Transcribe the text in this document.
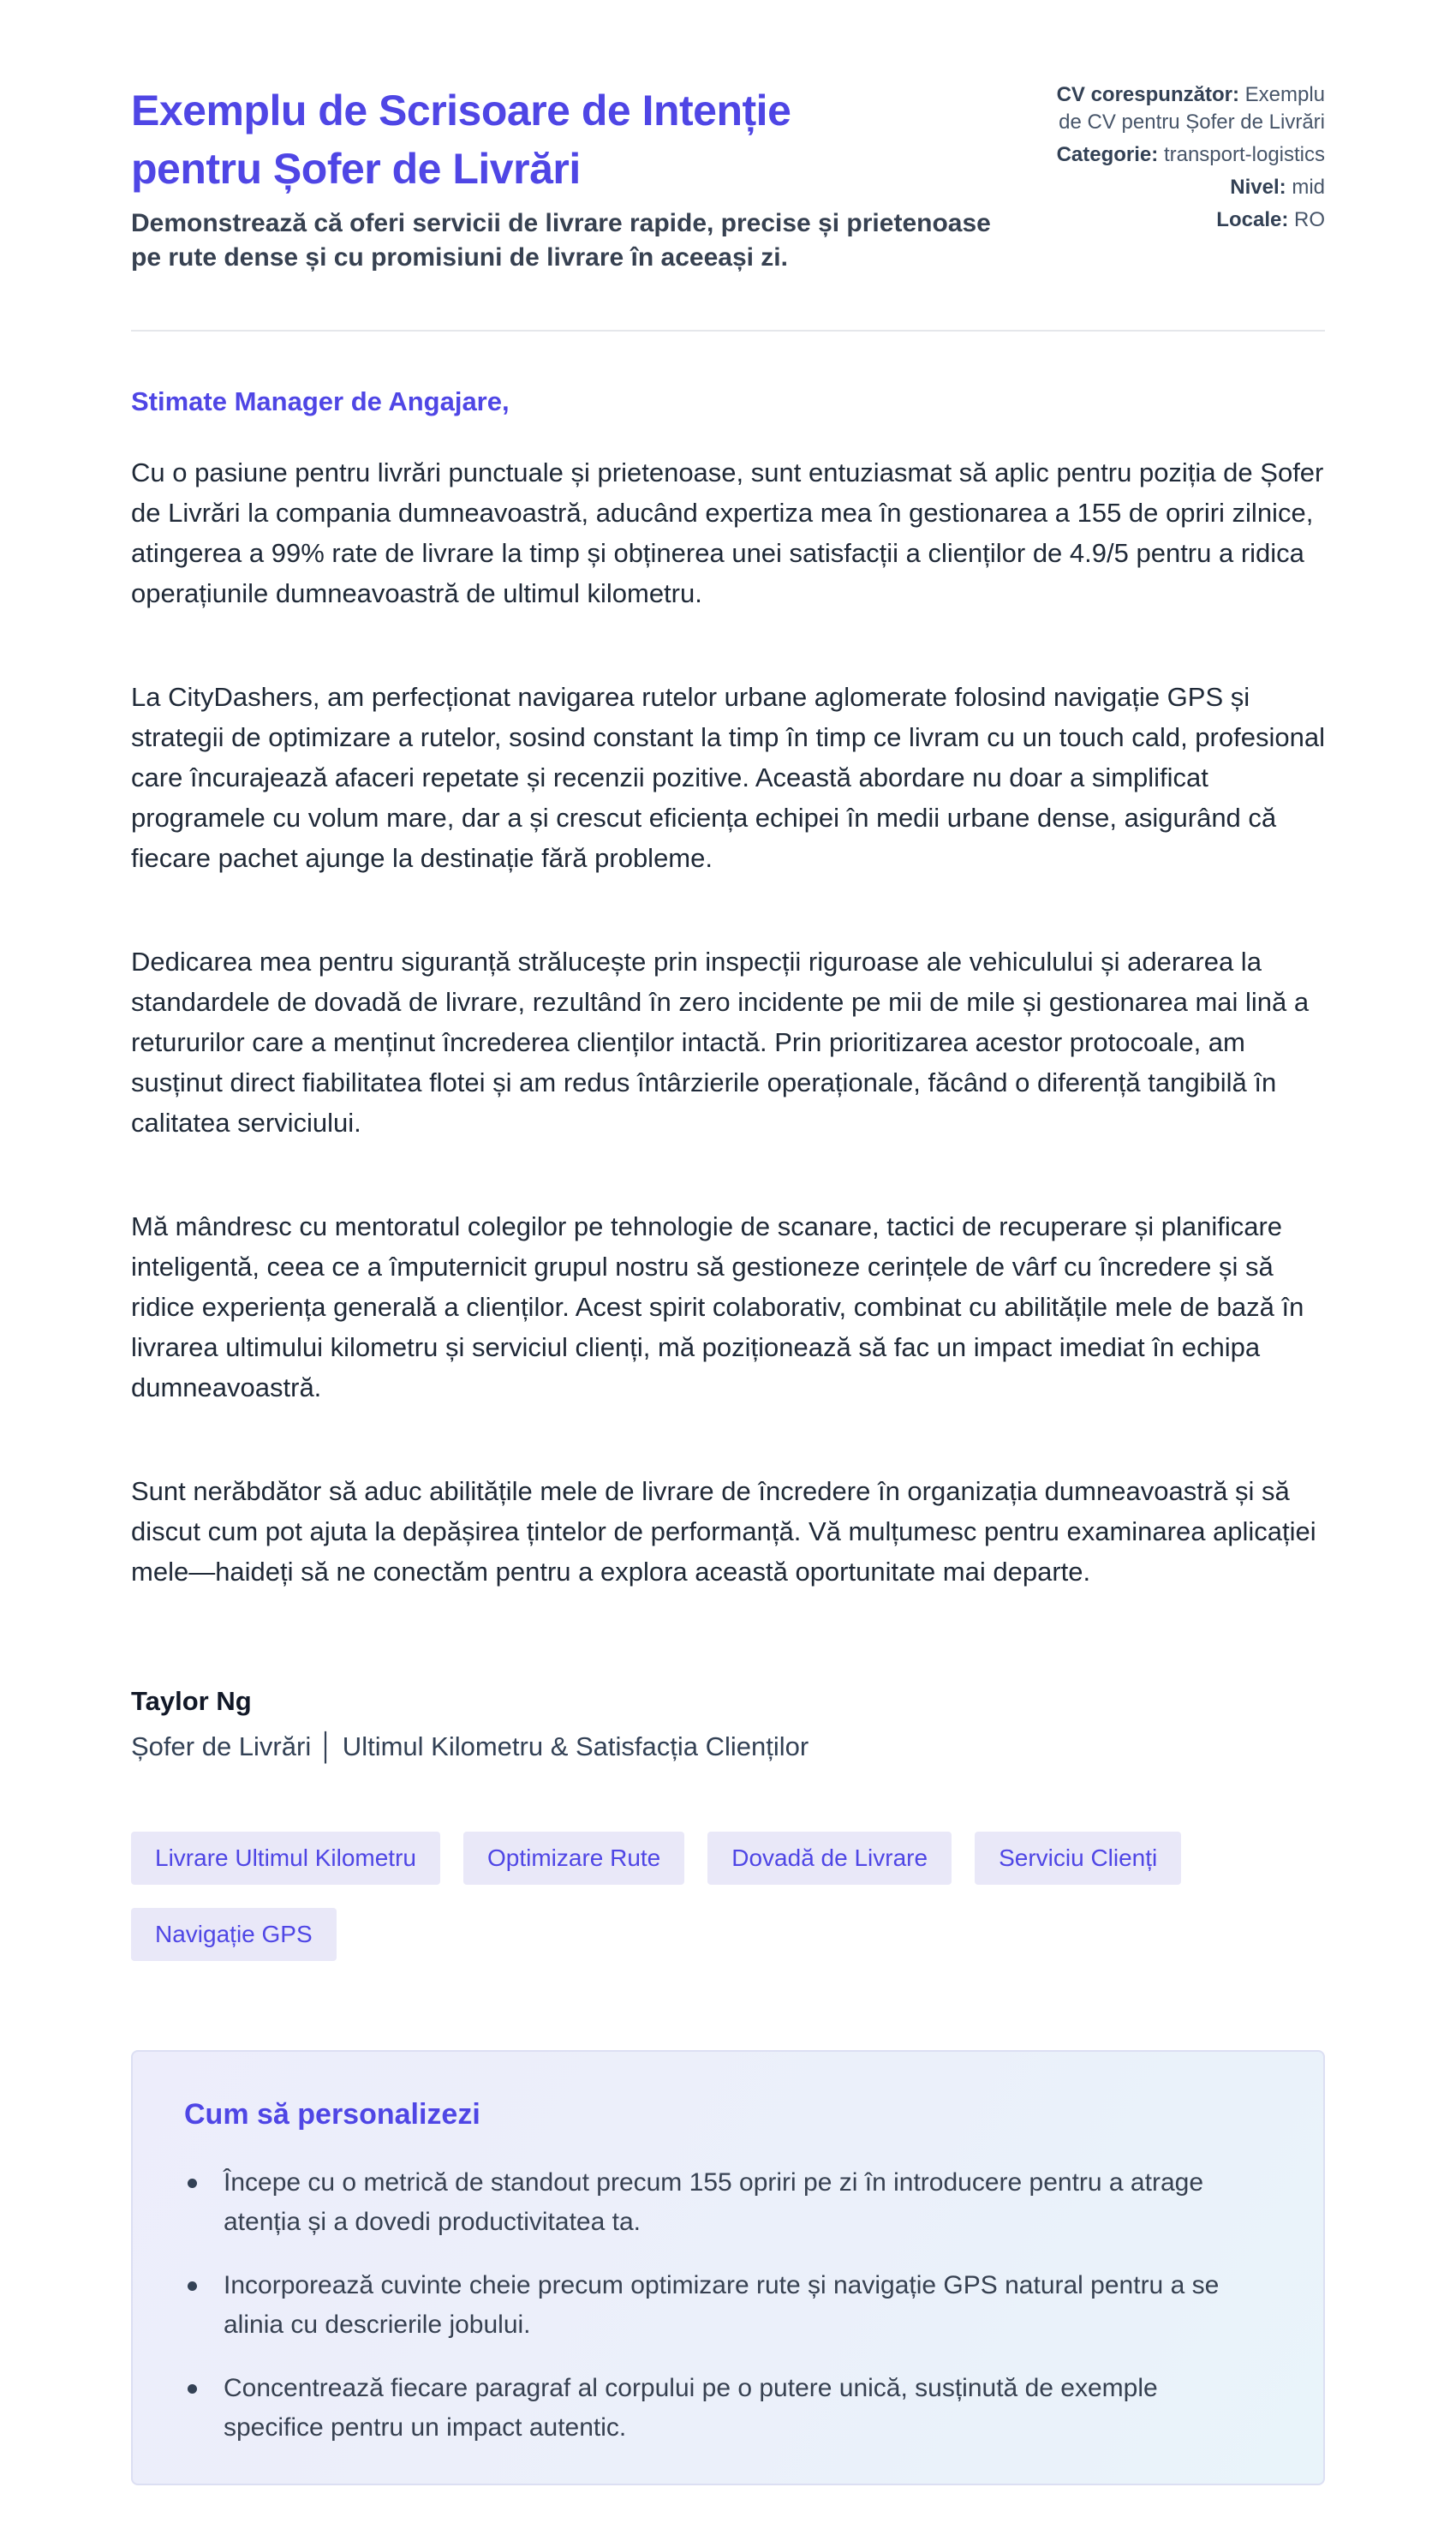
Exemplu de Scrisoare de Intenție pentru Șofer de Livrări
Demonstrează că oferi servicii de livrare rapide, precise și prietenoase pe rute dense și cu promisiuni de livrare în aceeași zi.
CV corespunzător: Exemplu de CV pentru Șofer de Livrări
Categorie: transport-logistics
Nivel: mid
Locale: RO
Stimate Manager de Angajare,

Cu o pasiune pentru livrări punctuale și prietenoase, sunt entuziasmat să aplic pentru poziția de Șofer de Livrări la compania dumneavoastră, aducând expertiza mea în gestionarea a 155 de opriri zilnice, atingerea a 99% rate de livrare la timp și obținerea unei satisfacții a clienților de 4.9/5 pentru a ridica operațiunile dumneavoastră de ultimul kilometru.

La CityDashers, am perfecționat navigarea rutelor urbane aglomerate folosind navigație GPS și strategii de optimizare a rutelor, sosind constant la timp în timp ce livram cu un touch cald, profesional care încurajează afaceri repetate și recenzii pozitive. Această abordare nu doar a simplificat programele cu volum mare, dar a și crescut eficiența echipei în medii urbane dense, asigurând că fiecare pachet ajunge la destinație fără probleme.

Dedicarea mea pentru siguranță strălucește prin inspecții riguroase ale vehiculului și aderarea la standardele de dovadă de livrare, rezultând în zero incidente pe mii de mile și gestionarea mai lină a retururilor care a menținut încrederea clienților intactă. Prin prioritizarea acestor protocoale, am susținut direct fiabilitatea flotei și am redus întârzierile operaționale, făcând o diferență tangibilă în calitatea serviciului.

Mă mândresc cu mentoratul colegilor pe tehnologie de scanare, tactici de recuperare și planificare inteligentă, ceea ce a împuternicit grupul nostru să gestioneze cerințele de vârf cu încredere și să ridice experiența generală a clienților. Acest spirit colaborativ, combinat cu abilitățile mele de bază în livrarea ultimului kilometru și serviciul clienți, mă poziționează să fac un impact imediat în echipa dumneavoastră.

Sunt nerăbdător să aduc abilitățile mele de livrare de încredere în organizația dumneavoastră și să discut cum pot ajuta la depășirea țintelor de performanță. Vă mulțumesc pentru examinarea aplicației mele—haideți să ne conectăm pentru a explora această oportunitate mai departe.

Taylor Ng
Șofer de Livrări │ Ultimul Kilometru & Satisfacția Clienților
Livrare Ultimul Kilometru	Optimizare Rute	Dovadă de Livrare	Serviciu Clienți
Navigație GPS
Cum să personalizezi
Începe cu o metrică de standout precum 155 opriri pe zi în introducere pentru a atrage atenția și a dovedi productivitatea ta.
Incorporează cuvinte cheie precum optimizare rute și navigație GPS natural pentru a se alinia cu descrierile jobului.
Concentrează fiecare paragraf al corpului pe o putere unică, susținută de exemple specifice pentru un impact autentic.
